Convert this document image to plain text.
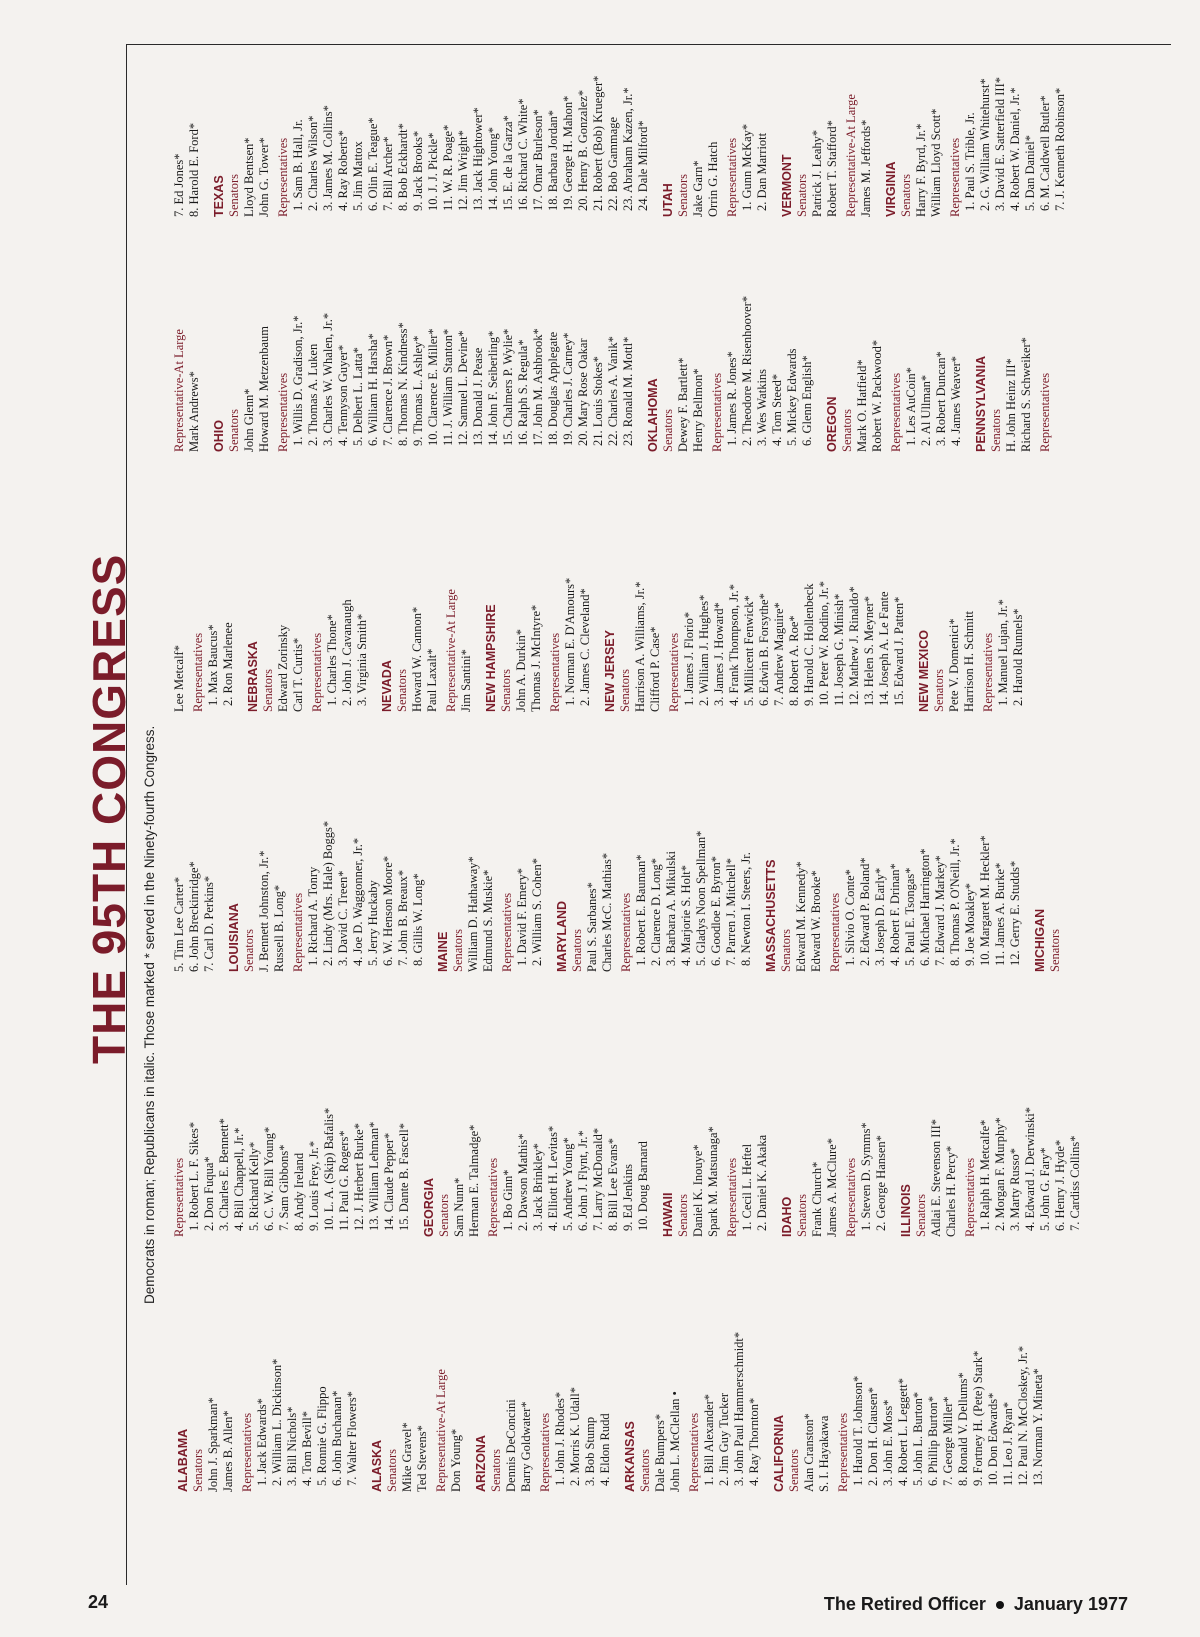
THE 95TH CONGRESS Democrats in roman; Republicans in italic. Those marked * served in the Ninety-fourth Congress.

ALABAMA Senators John J. Sparkman* James B. Allen* Representatives 1. Jack Edwards* 2. William L. Dickinson* 3. Bill Nichols* 4. Tom Bevill* 5. Ronnie G. Flippo 6. John Buchanan* 7. Walter Flowers* ALASKA Senators Mike Gravel* Ted Stevens* Representative-At Large Don Young* ARIZONA Senators Dennis DeConcini Barry Goldwater* Representatives 1. John J. Rhodes* 2. Morris K. Udall* 3. Bob Stump 4. Eldon Rudd ARKANSAS Senators Dale Bumpers* John L. McClellan • Representatives 1. Bill Alexander* 2. Jim Guy Tucker 3. John Paul Hammerschmidt* 4. Ray Thornton* CALIFORNIA Senators Alan Cranston* S. I. Hayakawa Representatives 1. Harold T. Johnson* 2. Don H. Clausen* 3. John E. Moss* 4. Robert L. Leggett* 5. John L. Burton* 6. Phillip Burton* 7. George Miller* 8. Ronald V. Dellums* 9. Fortney H. (Pete) Stark* 10. Don Edwards* 11. Leo J. Ryan* 12. Paul N. McCloskey, Jr.* 13. Norman Y. Mineta*
Representatives 1. Robert L. F. Sikes* 2. Don Fuqua* 3. Charles E. Bennett* 4. Bill Chappell, Jr.* 5. Richard Kelly* 6. C. W. Bill Young* 7. Sam Gibbons* 8. Andy Ireland 9. Louis Frey, Jr.* 10. L. A. (Skip) Bafalis* 11. Paul G. Rogers* 12. J. Herbert Burke* 13. William Lehman* 14. Claude Pepper* 15. Dante B. Fascell* GEORGIA Senators Sam Nunn* Herman E. Talmadge* Representatives 1. Bo Ginn* 2. Dawson Mathis* 3. Jack Brinkley* 4. Elliott H. Levitas* 5. Andrew Young* 6. John J. Flynt, Jr.* 7. Larry McDonald* 8. Bill Lee Evans* 9. Ed Jenkins 10. Doug Barnard HAWAII Senators Daniel K. Inouye* Spark M. Matsunaga* Representatives 1. Cecil L. Heftel 2. Daniel K. Akaka IDAHO Senators Frank Church* James A. McClure* Representatives 1. Steven D. Symms* 2. George Hansen* ILLINOIS Senators Adlai E. Stevenson III* Charles H. Percy* Representatives 1. Ralph H. Metcalfe* 2. Morgan F. Murphy* 3. Marty Russo* 4. Edward J. Derwinski* 5. John G. Fary* 6. Henry J. Hyde* 7. Cardiss Collins*
5. Tim Lee Carter* 6. John Breckinridge* 7. Carl D. Perkins* LOUISIANA Senators J. Bennett Johnston, Jr.* Russell B. Long* Representatives 1. Richard A. Tonry 2. Lindy (Mrs. Hale) Boggs* 3. David C. Treen* 4. Joe D. Waggonner, Jr.* 5. Jerry Huckaby 6. W. Henson Moore* 7. John B. Breaux* 8. Gillis W. Long* MAINE Senators William D. Hathaway* Edmund S. Muskie* Representatives 1. David F. Emery* 2. William S. Cohen* MARYLAND Senators Paul S. Sarbanes* Charles McC. Mathias* Representatives 1. Robert E. Bauman* 2. Clarence D. Long* 3. Barbara A. Mikulski 4. Marjorie S. Holt* 5. Gladys Noon Spellman* 6. Goodloe E. Byron* 7. Parren J. Mitchell* 8. Newton I. Steers, Jr. MASSACHUSETTS Senators Edward M. Kennedy* Edward W. Brooke* Representatives 1. Silvio O. Conte* 2. Edward P. Boland* 3. Joseph D. Early* 4. Robert F. Drinan* 5. Paul E. Tsongas* 6. Michael Harrington* 7. Edward J. Markey* 8. Thomas P. O'Neill, Jr.* 9. Joe Moakley* 10. Margaret M. Heckler* 11. James A. Burke* 12. Gerry E. Studds* MICHIGAN Senators
Lee Metcalf* Representatives 1. Max Baucus* 2. Ron Marlenee NEBRASKA Senators Edward Zorinsky Carl T. Curtis* Representatives 1. Charles Thone* 2. John J. Cavanaugh 3. Virginia Smith* NEVADA Senators Howard W. Cannon* Paul Laxalt* Representative-At Large Jim Santini* NEW HAMPSHIRE Senators John A. Durkin* Thomas J. McIntyre* Representatives 1. Norman E. D'Amours* 2. James C. Cleveland* NEW JERSEY Senators Harrison A. Williams, Jr.* Clifford P. Case* Representatives 1. James J. Florio* 2. William J. Hughes* 3. James J. Howard* 4. Frank Thompson, Jr.* 5. Millicent Fenwick* 6. Edwin B. Forsythe* 7. Andrew Maguire* 8. Robert A. Roe* 9. Harold C. Hollenbeck 10. Peter W. Rodino, Jr.* 11. Joseph G. Minish* 12. Mathew J. Rinaldo* 13. Helen S. Meyner* 14. Joseph A. Le Fante 15. Edward J. Patten* NEW MEXICO Senators Pete V. Domenici* Harrison H. Schmitt Representatives 1. Manuel Lujan, Jr.* 2. Harold Runnels*
Representative-At Large Mark Andrews* OHIO Senators John Glenn* Howard M. Metzenbaum Representatives 1. Willis D. Gradison, Jr.* 2. Thomas A. Luken 3. Charles W. Whalen, Jr.* 4. Tennyson Guyer* 5. Delbert L. Latta* 6. William H. Harsha* 7. Clarence J. Brown* 8. Thomas N. Kindness* 9. Thomas L. Ashley* 10. Clarence E. Miller* 11. J. William Stanton* 12. Samuel L. Devine* 13. Donald J. Pease 14. John F. Seiberling* 15. Chalmers P. Wylie* 16. Ralph S. Regula* 17. John M. Ashbrook* 18. Douglas Applegate 19. Charles J. Carney* 20. Mary Rose Oakar 21. Louis Stokes* 22. Charles A. Vanik* 23. Ronald M. Mottl* OKLAHOMA Senators Dewey F. Bartlett* Henry Bellmon* Representatives 1. James R. Jones* 2. Theodore M. Risenhoover* 3. Wes Watkins 4. Tom Steed* 5. Mickey Edwards 6. Glenn English* OREGON Senators Mark O. Hatfield* Robert W. Packwood* Representatives 1. Les AuCoin* 2. Al Ullman* 3. Robert Duncan* 4. James Weaver* PENNSYLVANIA Senators H. John Heinz III* Richard S. Schweiker* Representatives
7. Ed Jones* 8. Harold E. Ford* TEXAS Senators Lloyd Bentsen* John G. Tower* Representatives 1. Sam B. Hall, Jr. 2. Charles Wilson* 3. James M. Collins* 4. Ray Roberts* 5. Jim Mattox 6. Olin E. Teague* 7. Bill Archer* 8. Bob Eckhardt* 9. Jack Brooks* 10. J. J. Pickle* 11. W. R. Poage* 12. Jim Wright* 13. Jack Hightower* 14. John Young* 15. E. de la Garza* 16. Richard C. White* 17. Omar Burleson* 18. Barbara Jordan* 19. George H. Mahon* 20. Henry B. Gonzalez* 21. Robert (Bob) Krueger* 22. Bob Gammage 23. Abraham Kazen, Jr.* 24. Dale Milford* UTAH Senators Jake Garn* Orrin G. Hatch Representatives 1. Gunn McKay* 2. Dan Marriott VERMONT Senators Patrick J. Leahy* Robert T. Stafford* Representative-At Large James M. Jeffords* VIRGINIA Senators Harry F. Byrd, Jr.* William Lloyd Scott* Representatives 1. Paul S. Trible, Jr. 2. G. William Whitehurst* 3. David E. Satterfield III* 4. Robert W. Daniel, Jr.* 5. Dan Daniel* 6. M. Caldwell Butler* 7. J. Kenneth Robinson*
24	The Retired Officer January 1977
